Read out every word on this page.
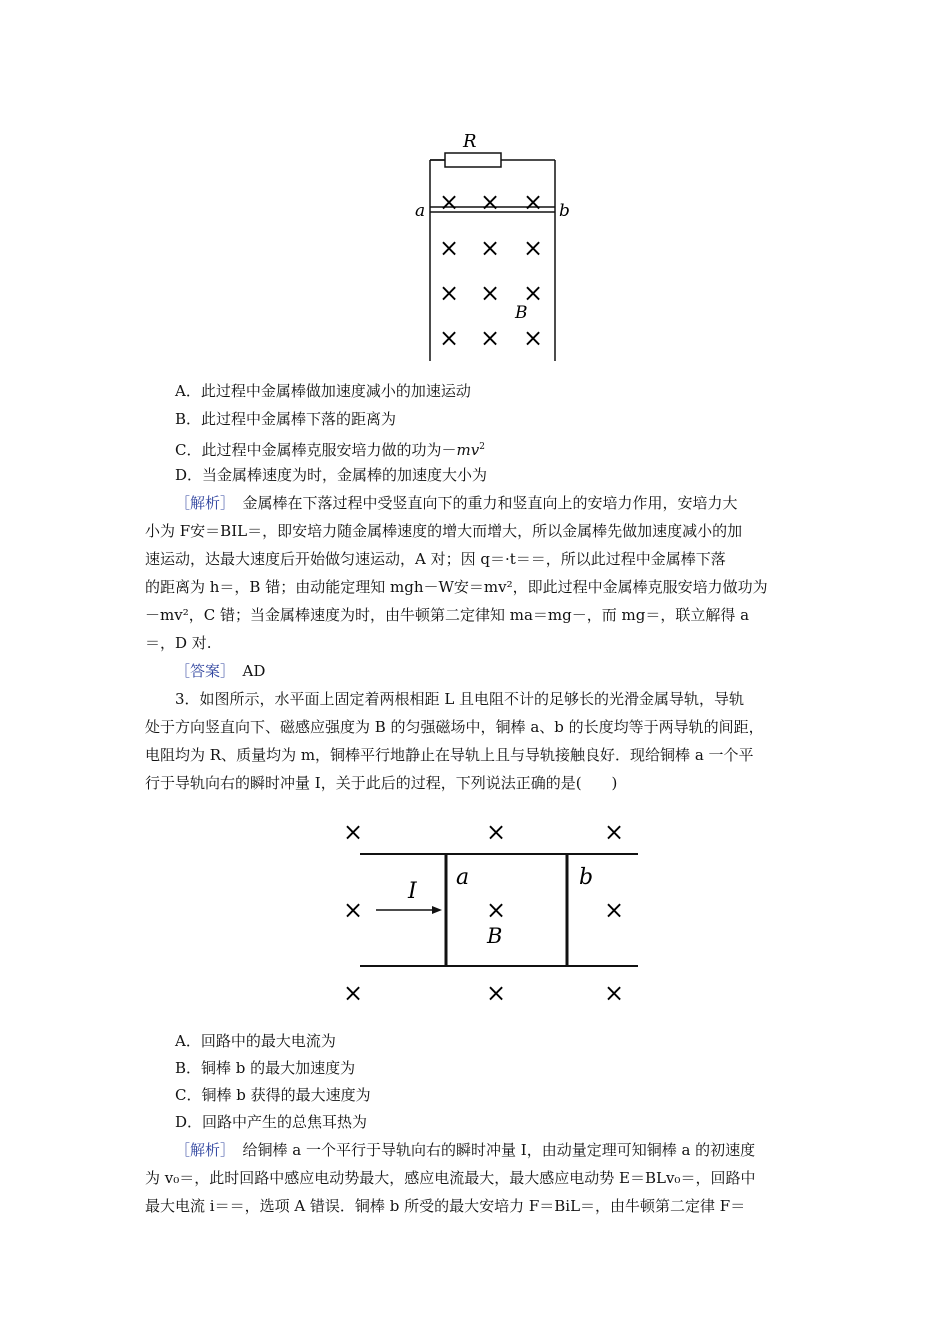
R
a	b
B
× × ×
× × ×
× × ×
× × ×
A．此过程中金属棒做加速度减小的加速运动
B．此过程中金属棒下落的距离为
C．此过程中金属棒克服安培力做的功为$-mv^2$
D．当金属棒速度为时，金属棒的加速度大小为
［解析］　 金属棒在下落过程中受竖直向下的重力和竖直向上的安培力作用，安培力大
小为 F安＝BIL＝，即安培力随金属棒速度的增大而增大，所以金属棒先做加速度减小的加
速运动，达最大速度后开始做匀速运动，A 对；因 q＝·t＝＝，所以此过程中金属棒下落
的距离为 h＝，B 错；由动能定理知 mgh－W安＝mv²，即此过程中金属棒克服安培力做功为
－mv²，C 错；当金属棒速度为时，由牛顿第二定律知 ma＝mg－，而 mg＝，联立解得 a
＝，D 对.
［答案］　 AD
3．如图所示，水平面上固定着两根相距 L 且电阻不计的足够长的光滑金属导轨，导轨
处于方向竖直向下、磁感应强度为 B 的匀强磁场中，铜棒 a、b 的长度均等于两导轨的间距，
电阻均为 R、质量均为 m，铜棒平行地静止在导轨上且与导轨接触良好．现给铜棒 a 一个平
行于导轨向右的瞬时冲量 I，关于此后的过程，下列说法正确的是(　　)
I
a	b
B
×	×	×
×	×	×
×	×	×
A．回路中的最大电流为
B．铜棒 b 的最大加速度为
C．铜棒 b 获得的最大速度为
D．回路中产生的总焦耳热为
［解析］　 给铜棒 a 一个平行于导轨向右的瞬时冲量 I，由动量定理可知铜棒 a 的初速度
为 v₀＝，此时回路中感应电动势最大，感应电流最大，最大感应电动势 E＝BLv₀＝，回路中
最大电流 i＝＝，选项 A 错误．铜棒 b 所受的最大安培力 F＝BiL＝，由牛顿第二定律 F＝
